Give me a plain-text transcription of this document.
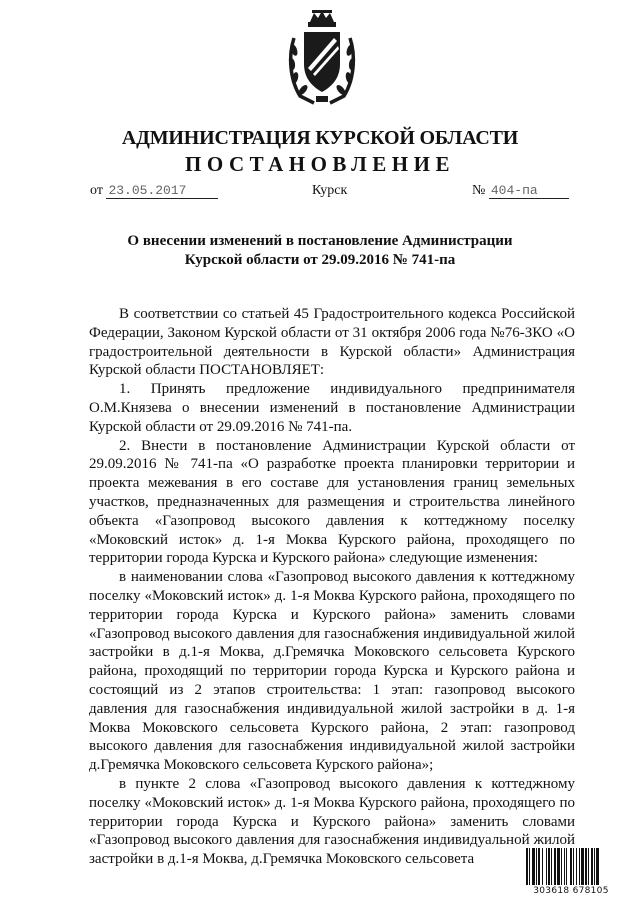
АДМИНИСТРАЦИЯ КУРСКОЙ ОБЛАСТИ
ПОСТАНОВЛЕНИЕ
от 23.05.2017	Курск	№ 404-па
О внесении изменений в постановление Администрации
Курской области от 29.09.2016 № 741-па

В соответствии со статьей 45 Градостроительного кодекса Российской Федерации, Законом Курской области от 31 октября 2006 года №76-ЗКО «О градостроительной деятельности в Курской области» Администрация Курской области ПОСТАНОВЛЯЕТ:

1. Принять предложение индивидуального предпринимателя О.М.Князева о внесении изменений в постановление Администрации Курской области от 29.09.2016 № 741-па.

2. Внести в постановление Администрации Курской области от 29.09.2016 № 741-па «О разработке проекта планировки территории и проекта межевания в его составе для установления границ земельных участков, предназначенных для размещения и строительства линейного объекта «Газопровод высокого давления к коттеджному поселку «Моковский исток» д. 1-я Моква Курского района, проходящего по территории города Курска и Курского района» следующие изменения:

в наименовании слова «Газопровод высокого давления к коттеджному поселку «Моковский исток» д. 1-я Моква Курского района, проходящего по территории города Курска и Курского района» заменить словами «Газопровод высокого давления для газоснабжения индивидуальной жилой застройки в д.1-я Моква, д.Гремячка Моковского сельсовета Курского района, проходящий по территории города Курска и Курского района и состоящий из 2 этапов строительства: 1 этап: газопровод высокого давления для газоснабжения индивидуальной жилой застройки в д. 1-я Моква Моковского сельсовета Курского района, 2 этап: газопровод высокого давления для газоснабжения индивидуальной жилой застройки д.Гремячка Моковского сельсовета Курского района»;

в пункте 2 слова «Газопровод высокого давления к коттеджному поселку «Моковский исток» д. 1-я Моква Курского района, проходящего по территории города Курска и Курского района» заменить словами «Газопровод высокого давления для газоснабжения индивидуальной жилой застройки в д.1-я Моква, д.Гремячка Моковского сельсовета

303618 678105
